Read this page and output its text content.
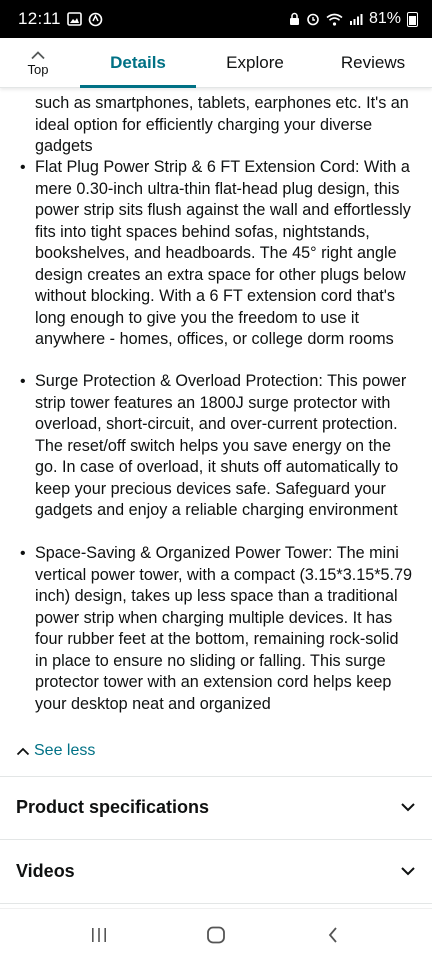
12:11	81%
Top	Details	Explore	Reviews
such as smartphones, tablets, earphones etc. It's an ideal option for efficiently charging your diverse gadgets
• Flat Plug Power Strip & 6 FT Extension Cord: With a mere 0.30-inch ultra-thin flat-head plug design, this power strip sits flush against the wall and effortlessly fits into tight spaces behind sofas, nightstands, bookshelves, and headboards. The 45° right angle design creates an extra space for other plugs below without blocking. With a 6 FT extension cord that's long enough to give you the freedom to use it anywhere - homes, offices, or college dorm rooms
• Surge Protection & Overload Protection: This power strip tower features an 1800J surge protector with overload, short-circuit, and over-current protection. The reset/off switch helps you save energy on the go. In case of overload, it shuts off automatically to keep your precious devices safe. Safeguard your gadgets and enjoy a reliable charging environment
• Space-Saving & Organized Power Tower: The mini vertical power tower, with a compact (3.15*3.15*5.79 inch) design, takes up less space than a traditional power strip when charging multiple devices. It has four rubber feet at the bottom, remaining rock-solid in place to ensure no sliding or falling. This surge protector tower with an extension cord helps keep your desktop neat and organized
See less
Product specifications
Videos
